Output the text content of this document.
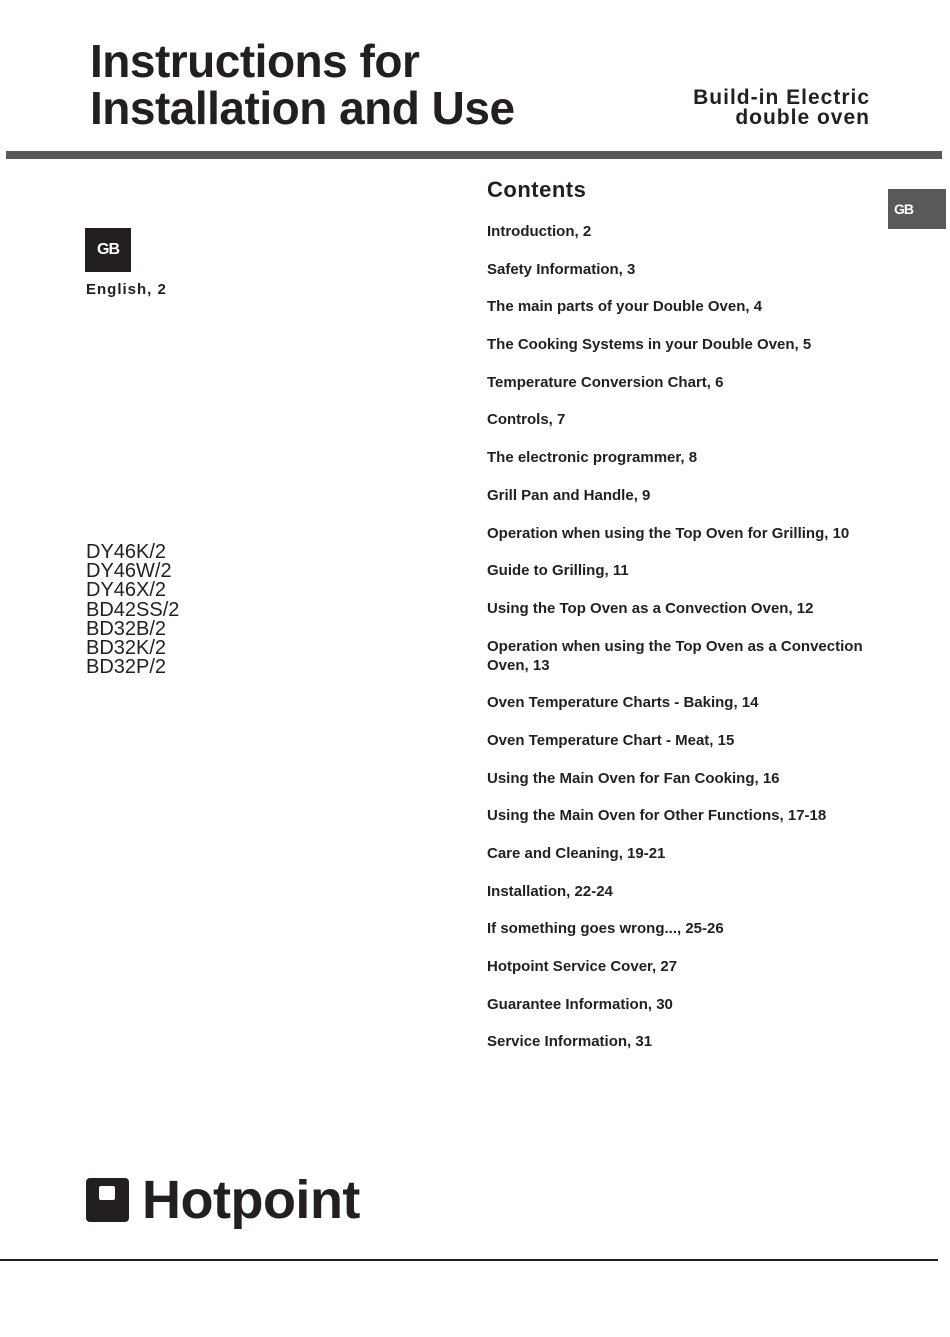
Instructions for
Installation and Use	Build-in Electric
double oven
GB
English, 2
GB
DY46K/2
DY46W/2
DY46X/2
BD42SS/2
BD32B/2
BD32K/2
BD32P/2
Contents
Introduction, 2
Safety Information, 3
The main parts of your Double Oven, 4
The Cooking Systems in your Double Oven, 5
Temperature Conversion Chart, 6
Controls, 7
The electronic programmer, 8
Grill Pan and Handle, 9
Operation when using the Top Oven for Grilling, 10
Guide to Grilling, 11
Using the Top Oven as a Convection Oven, 12
Operation when using the Top Oven as a Convection Oven, 13
Oven Temperature Charts - Baking, 14
Oven Temperature Chart - Meat, 15
Using the Main Oven for Fan Cooking, 16
Using the Main Oven for Other Functions, 17-18
Care and Cleaning, 19-21
Installation, 22-24
If something goes wrong..., 25-26
Hotpoint Service Cover, 27
Guarantee Information, 30
Service Information, 31
Hotpoint
